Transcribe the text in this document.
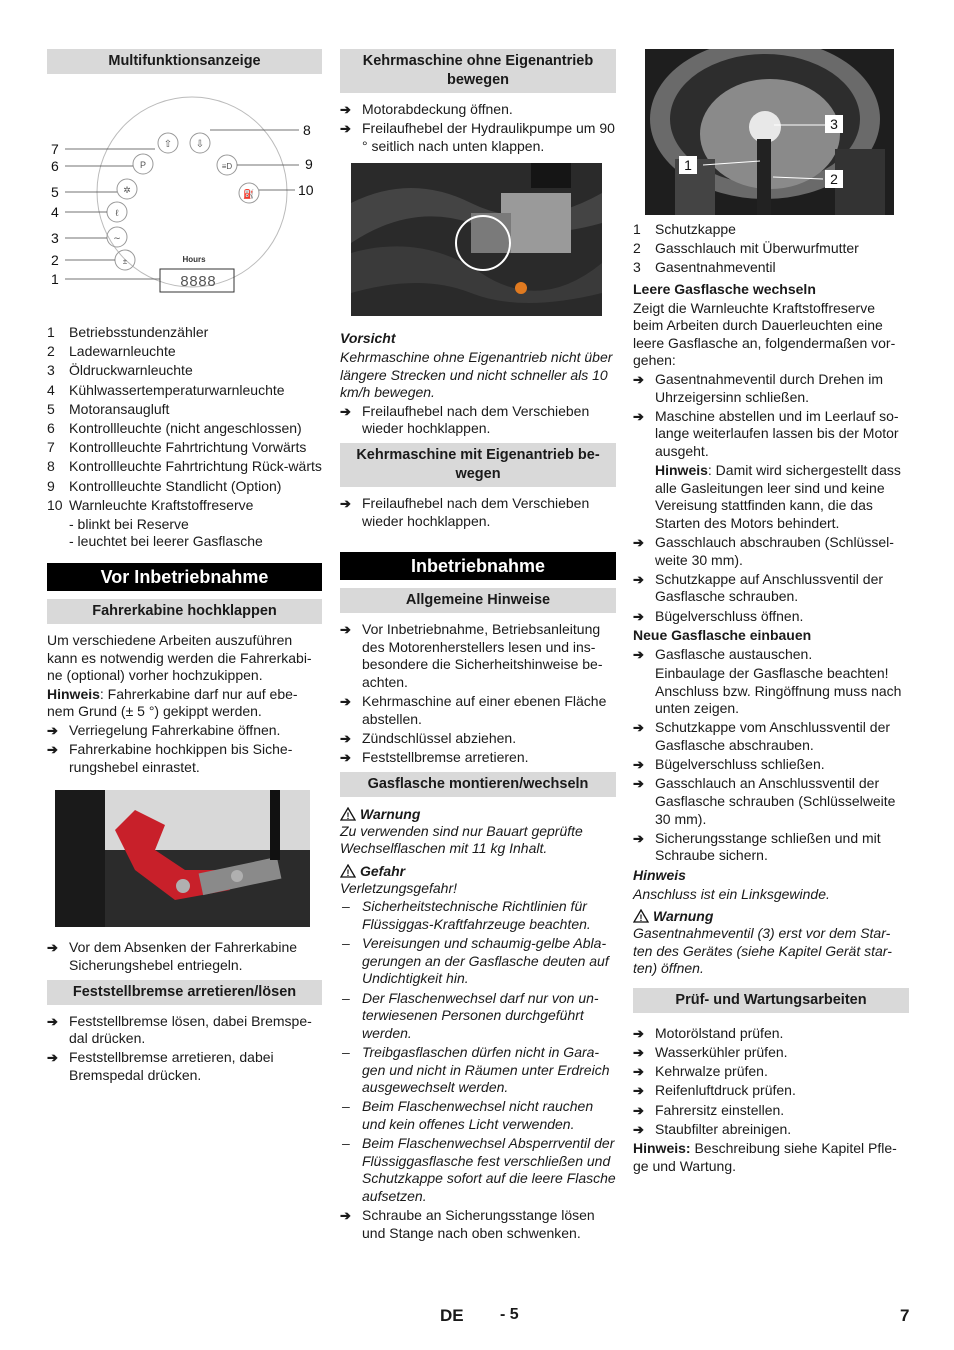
Multifunktionsanzeige
⇧ ⇩
P	≡D
✲	⛽
ℓ
∼
±
8888
Hours
7
6
5
4
3
2
1
8
9
10
1	Betriebsstundenzähler
2	Ladewarnleuchte
3	Öldruckwarnleuchte
4	Kühlwassertemperaturwarnleuchte
5	Motoransaugluft
6	Kontrollleuchte (nicht angeschlossen)
7	Kontrollleuchte Fahrtrichtung Vorwärts
8	Kontrollleuchte Fahrtrichtung Rück-wärts
9	Kontrollleuchte Standlicht (Option)
10 Warnleuchte Kraftstoffreserve
- blinkt bei Reserve
- leuchtet bei leerer Gasflasche
Vor Inbetriebnahme
Fahrerkabine hochklappen

Um verschiedene Arbeiten auszuführen kann es notwendig werden die Fahrerkabi-ne (optional) vorher hochzukippen.

Hinweis: Fahrerkabine darf nur auf ebe-nem Grund (± 5 °) gekippt werden.

➔ Verriegelung Fahrerkabine öffnen.
➔ Fahrerkabine hochkippen bis Siche-rungshebel einrastet.
➔ Vor dem Absenken der Fahrerkabine Sicherungshebel entriegeln.
Feststellbremse arretieren/lösen
➔ Feststellbremse lösen, dabei Bremspe-dal drücken.
➔ Feststellbremse arretieren, dabei Bremspedal drücken.
Kehrmaschine ohne Eigenantrieb bewegen
➔ Motorabdeckung öffnen.
➔ Freilaufhebel der Hydraulikpumpe um 90 ° seitlich nach unten klappen.

Vorsicht

Kehrmaschine ohne Eigenantrieb nicht über längere Strecken und nicht schneller als 10 km/h bewegen.

➔ Freilaufhebel nach dem Verschieben wieder hochklappen.
Kehrmaschine mit Eigenantrieb be-wegen
➔ Freilaufhebel nach dem Verschieben wieder hochklappen.
Inbetriebnahme
Allgemeine Hinweise
➔ Vor Inbetriebnahme, Betriebsanleitung des Motorenherstellers lesen und ins-besondere die Sicherheitshinweise be-achten.
➔ Kehrmaschine auf einer ebenen Fläche abstellen.
➔ Zündschlüssel abziehen.
➔ Feststellbremse arretieren.
Gasflasche montieren/wechseln
! Warnung

Zu verwenden sind nur Bauart geprüfte Wechselflaschen mit 11 kg Inhalt.

! Gefahr

Verletzungsgefahr!

– Sicherheitstechnische Richtlinien für Flüssiggas-Kraftfahrzeuge beachten.
– Vereisungen und schaumig-gelbe Abla-gerungen an der Gasflasche deuten auf Undichtigkeit hin.
– Der Flaschenwechsel darf nur von un-terwiesenen Personen durchgeführt werden.
– Treibgasflaschen dürfen nicht in Gara-gen und nicht in Räumen unter Erdreich ausgewechselt werden.
– Beim Flaschenwechsel nicht rauchen und kein offenes Licht verwenden.
– Beim Flaschenwechsel Absperrventil der Flüssiggasflasche fest verschließen und Schutzkappe sofort auf die leere Flasche aufsetzen.
➔ Schraube an Sicherungsstange lösen und Stange nach oben schwenken.
3
1
2
1	Schutzkappe
2	Gasschlauch mit Überwurfmutter
3	Gasentnahmeventil

Leere Gasflasche wechseln

Zeigt die Warnleuchte Kraftstoffreserve beim Arbeiten durch Dauerleuchten eine leere Gasflasche an, folgendermaßen vor-gehen:

➔ Gasentnahmeventil durch Drehen im Uhrzeigersinn schließen.
➔ Maschine abstellen und im Leerlauf so-lange weiterlaufen lassen bis der Motor ausgeht.
Hinweis: Damit wird sichergestellt dass alle Gasleitungen leer sind und keine Vereisung stattfinden kann, die das Starten des Motors behindert.
➔ Gasschlauch abschrauben (Schlüssel-weite 30 mm).
➔ Schutzkappe auf Anschlussventil der Gasflasche schrauben.
➔ Bügelverschluss öffnen.

Neue Gasflasche einbauen

➔ Gasflasche austauschen.
Einbaulage der Gasflasche beachten! Anschluss bzw. Ringöffnung muss nach unten zeigen.
➔ Schutzkappe vom Anschlussventil der Gasflasche abschrauben.
➔ Bügelverschluss schließen.
➔ Gasschlauch an Anschlussventil der Gasflasche schrauben (Schlüsselweite 30 mm).
➔ Sicherungsstange schließen und mit Schraube sichern.

Hinweis

Anschluss ist ein Linksgewinde.

! Warnung

Gasentnahmeventil (3) erst vor dem Star-ten des Gerätes (siehe Kapitel Gerät star-ten) öffnen.

Prüf- und Wartungsarbeiten
➔ Motorölstand prüfen.
➔ Wasserkühler prüfen.
➔ Kehrwalze prüfen.
➔ Reifenluftdruck prüfen.
➔ Fahrersitz einstellen.
➔ Staubfilter abreinigen.

Hinweis: Beschreibung siehe Kapitel Pfle-ge und Wartung.

DE - 5	7
